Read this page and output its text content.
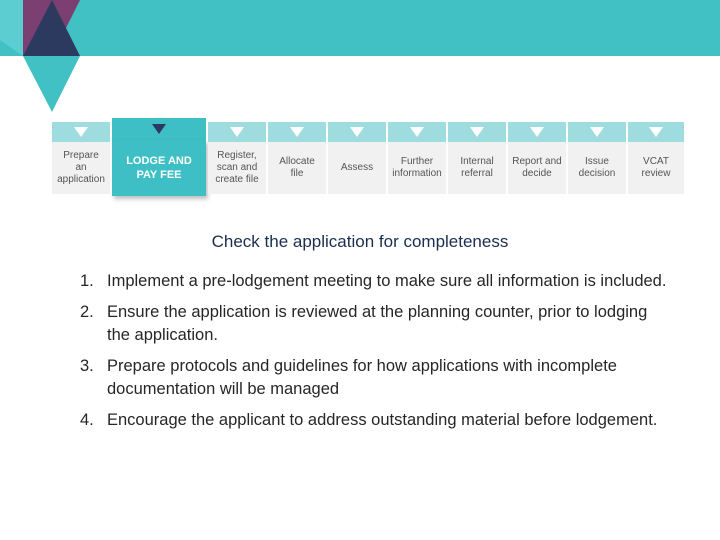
Prepare
an
application
LODGE AND
PAY FEE
Register,
scan and
create file
Allocate
file
Assess
Further
information
Internal
referral
Report and
decide
Issue
decision
VCAT
review
Check the application for completeness
1. Implement a pre-lodgement meeting to make sure all information is included.
2. Ensure the application is reviewed at the planning counter, prior to lodging the application.
3. Prepare protocols and guidelines for how applications with incomplete documentation will be managed
4. Encourage the applicant to address outstanding material before lodgement.
